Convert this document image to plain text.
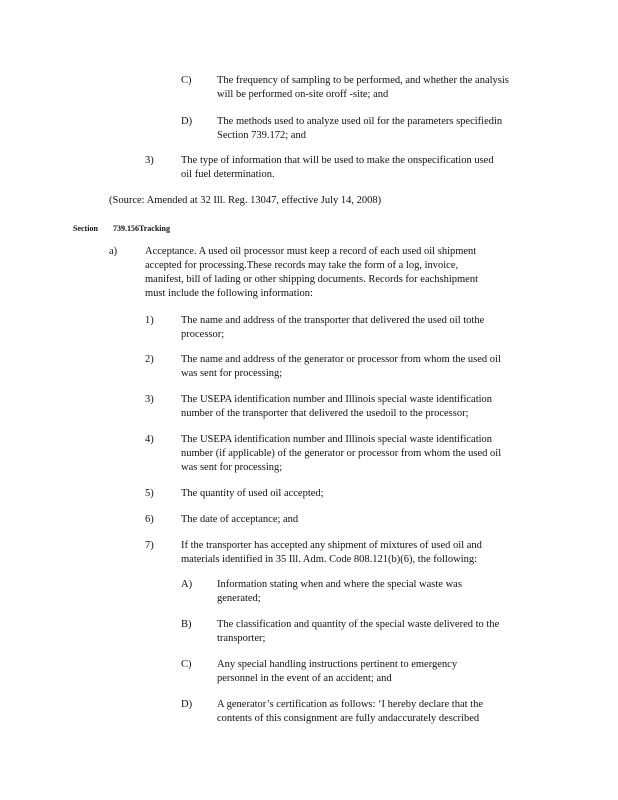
C) The frequency of sampling to be performed, and whether the analysis
will be performed on-site oroff -site; and
D) The methods used to analyze used oil for the parameters specifiedin
Section 739.172; and
3)	The type of information that will be used to make the onspecification used
oil fuel determination.
(Source: Amended at 32 Ill. Reg. 13047, effective July 14, 2008)
Section 739.156Tracking
a)	Acceptance. A used oil processor must keep a record of each used oil shipment
accepted for processing.These records may take the form of a log, invoice,
manifest, bill of lading or other shipping documents. Records for eachshipment
must include the following information:
1)	The name and address of the transporter that delivered the used oil tothe
processor;
2)	The name and address of the generator or processor from whom the used oil
was sent for processing;
3)	The USEPA identification number and Illinois special waste identification
number of the transporter that delivered the usedoil to the processor;
4)	The USEPA identification number and Illinois special waste identification
number (if applicable) of the generator or processor from whom the used oil
was sent for processing;
5)	The quantity of used oil accepted;
6)	The date of acceptance; and
7)	If the transporter has accepted any shipment of mixtures of used oil and
materials identified in 35 Ill. Adm. Code 808.121(b)(6), the following:
A) Information stating when and where the special waste was
generated;
B) The classification and quantity of the special waste delivered to the
transporter;
C) Any special handling instructions pertinent to emergency
personnel in the event of an accident; and
D) A generator’s certification as follows: ‘I hereby declare that the
contents of this consignment are fully andaccurately described
